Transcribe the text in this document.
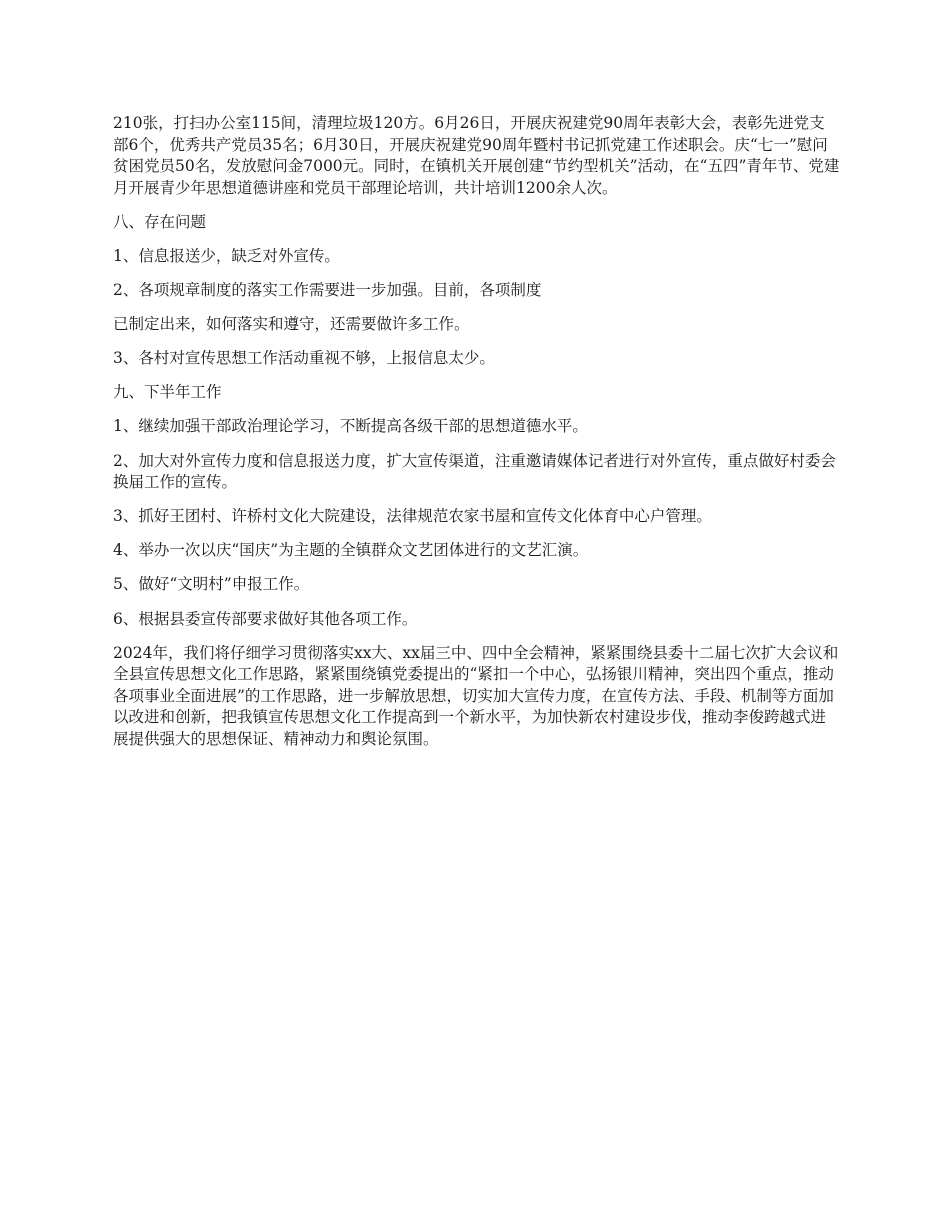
210张，打扫办公室115间，清理垃圾120方。6月26日，开展庆祝建党90周年表彰大会，表彰先进党支部6个，优秀共产党员35名；6月30日，开展庆祝建党90周年暨村书记抓党建工作述职会。庆“七一”慰问贫困党员50名，发放慰问金7000元。同时，在镇机关开展创建“节约型机关”活动，在“五四”青年节、党建月开展青少年思想道德讲座和党员干部理论培训，共计培训1200余人次。

八、存在问题

1、信息报送少，缺乏对外宣传。

2、各项规章制度的落实工作需要进一步加强。目前，各项制度

已制定出来，如何落实和遵守，还需要做许多工作。

3、各村对宣传思想工作活动重视不够，上报信息太少。

九、下半年工作

1、继续加强干部政治理论学习，不断提高各级干部的思想道德水平。

2、加大对外宣传力度和信息报送力度，扩大宣传渠道，注重邀请媒体记者进行对外宣传，重点做好村委会换届工作的宣传。

3、抓好王团村、许桥村文化大院建设，法律规范农家书屋和宣传文化体育中心户管理。

4、举办一次以庆“国庆”为主题的全镇群众文艺团体进行的文艺汇演。

5、做好“文明村”申报工作。

6、根据县委宣传部要求做好其他各项工作。

2024年，我们将仔细学习贯彻落实xx大、xx届三中、四中全会精神，紧紧围绕县委十二届七次扩大会议和全县宣传思想文化工作思路，紧紧围绕镇党委提出的“紧扣一个中心，弘扬银川精神，突出四个重点，推动各项事业全面进展”的工作思路，进一步解放思想，切实加大宣传力度，在宣传方法、手段、机制等方面加以改进和创新，把我镇宣传思想文化工作提高到一个新水平，为加快新农村建设步伐，推动李俊跨越式进展提供强大的思想保证、精神动力和舆论氛围。
